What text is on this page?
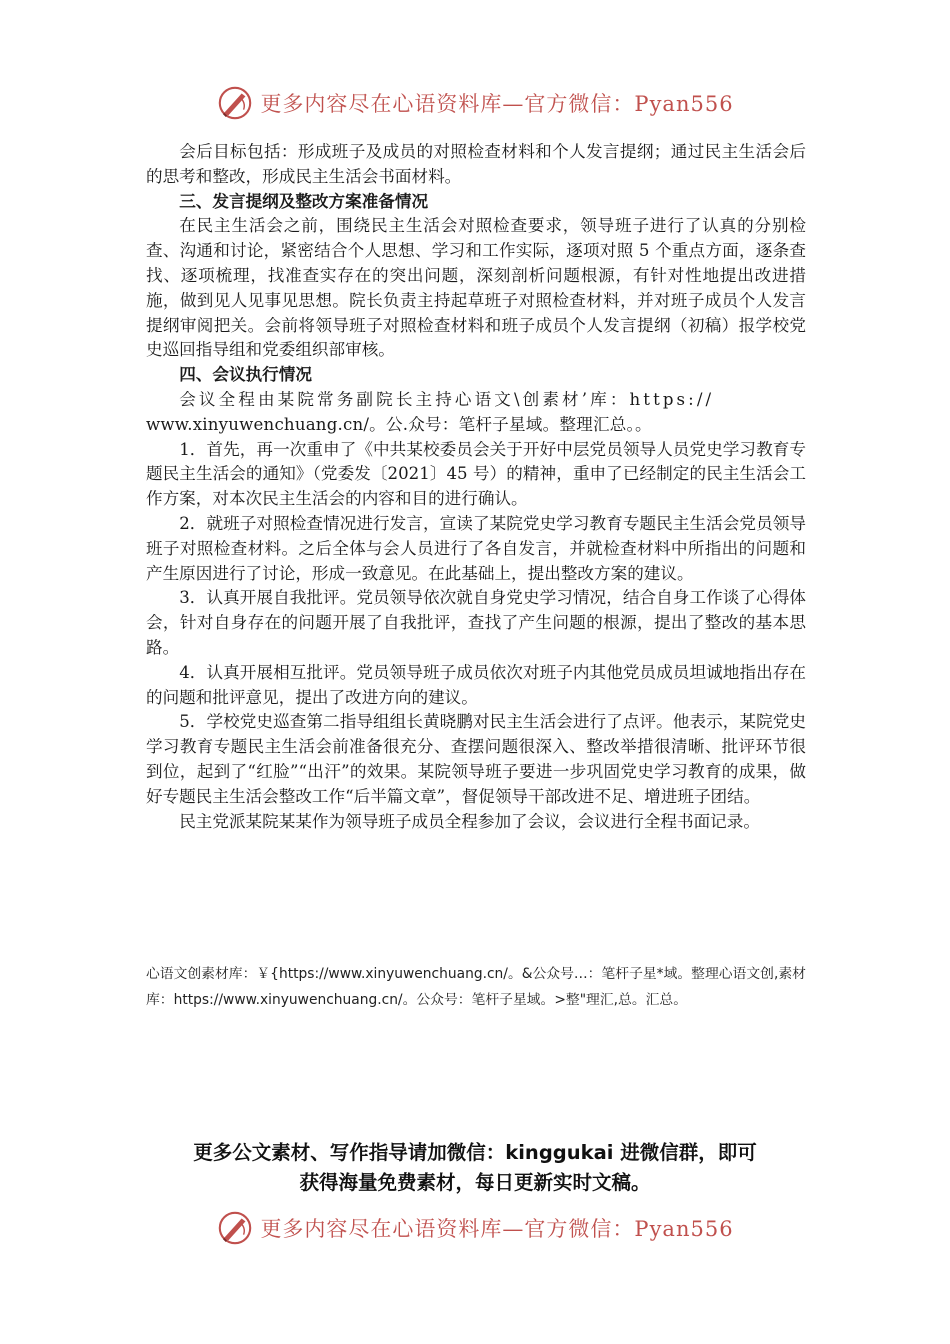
更多内容尽在心语资料库—官方微信：Pyan556

会后目标包括：形成班子及成员的对照检查材料和个人发言提纲；通过民主生活会后的思考和整改，形成民主生活会书面材料。

三、发言提纲及整改方案准备情况

在民主生活会之前，围绕民主生活会对照检查要求，领导班子进行了认真的分别检查、沟通和讨论，紧密结合个人思想、学习和工作实际，逐项对照 5 个重点方面，逐条查找、逐项梳理，找准查实存在的突出问题，深刻剖析问题根源，有针对性地提出改进措施，做到见人见事见思想。院长负责主持起草班子对照检查材料，并对班子成员个人发言提纲审阅把关。会前将领导班子对照检查材料和班子成员个人发言提纲（初稿）报学校党史巡回指导组和党委组织部审核。

四、会议执行情况

会议全程由某院常务副院长主持心语文\创素材’库：https://

www.xinyuwenchuang.cn/。公.众号：笔杆子星域。整理汇总。。

1．首先，再一次重申了《中共某校委员会关于开好中层党员领导人员党史学习教育专题民主生活会的通知》（党委发〔2021〕45 号）的精神，重申了已经制定的民主生活会工作方案，对本次民主生活会的内容和目的进行确认。

2．就班子对照检查情况进行发言，宣读了某院党史学习教育专题民主生活会党员领导班子对照检查材料。之后全体与会人员进行了各自发言，并就检查材料中所指出的问题和产生原因进行了讨论，形成一致意见。在此基础上，提出整改方案的建议。

3．认真开展自我批评。党员领导依次就自身党史学习情况，结合自身工作谈了心得体会，针对自身存在的问题开展了自我批评，查找了产生问题的根源，提出了整改的基本思路。

4．认真开展相互批评。党员领导班子成员依次对班子内其他党员成员坦诚地指出存在的问题和批评意见，提出了改进方向的建议。

5．学校党史巡查第二指导组组长黄晓鹏对民主生活会进行了点评。他表示，某院党史学习教育专题民主生活会前准备很充分、查摆问题很深入、整改举措很清晰、批评环节很到位，起到了“红脸”“出汗”的效果。某院领导班子要进一步巩固党史学习教育的成果，做好专题民主生活会整改工作“后半篇文章”，督促领导干部改进不足、增进班子团结。

民主党派某院某某作为领导班子成员全程参加了会议，会议进行全程书面记录。

心语文创素材库：￥{https://www.xinyuwenchuang.cn/。&公众号…：笔杆子星*域。整理心语文创,素材库：https://www.xinyuwenchuang.cn/。公众号：笔杆子星域。>整"理汇,总。汇总。

更多公文素材、写作指导请加微信：kinggukai 进微信群，即可
获得海量免费素材，每日更新实时文稿。
更多内容尽在心语资料库—官方微信：Pyan556
